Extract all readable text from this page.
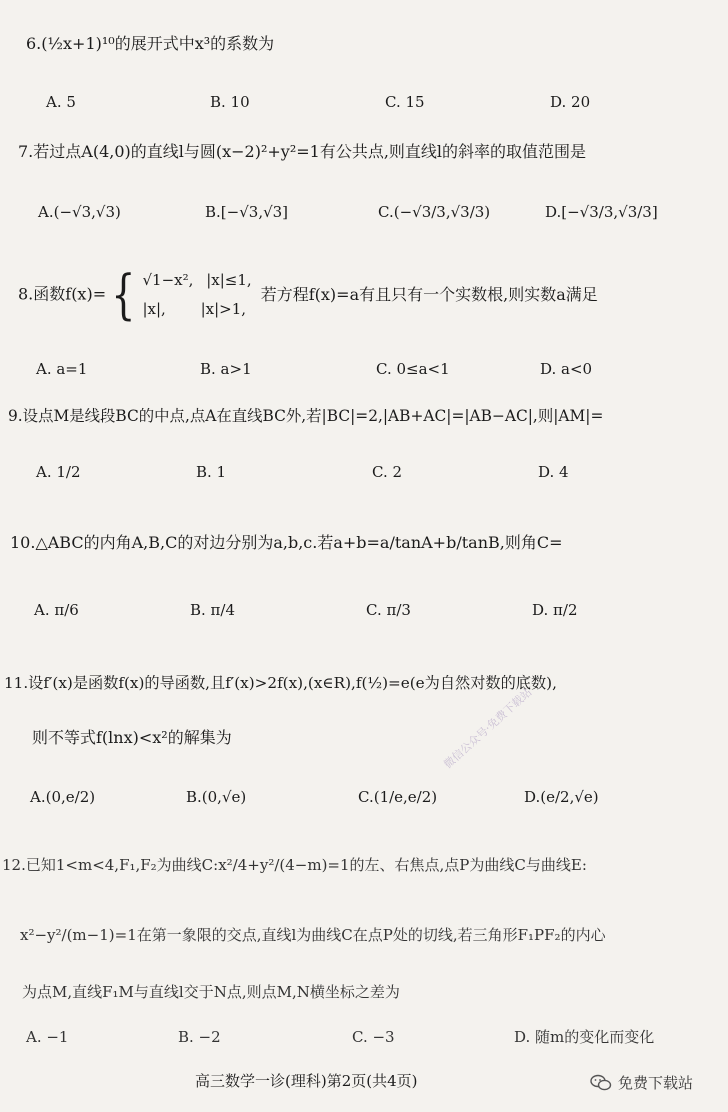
6.(½x+1)¹⁰的展开式中x³的系数为
A. 5	B. 10	C. 15	D. 20
7.若过点A(4,0)的直线l与圆(x−2)²+y²=1有公共点,则直线l的斜率的取值范围是
A.(−√3,√3)	B.[−√3,√3]	C.(−√3/3,√3/3)	D.[−√3/3,√3/3]
8.函数f(x)= { √1−x², |x|≤1,
|x|, |x|>1,
若方程f(x)=a有且只有一个实数根,则实数a满足
A. a=1	B. a>1	C. 0≤a<1	D. a<0
9.设点M是线段BC的中点,点A在直线BC外,若|BC|=2,|AB+AC|=|AB−AC|,则|AM|=
A. 1/2	B. 1	C. 2	D. 4
10.△ABC的内角A,B,C的对边分别为a,b,c.若a+b=a/tanA+b/tanB,则角C=
A. π/6	B. π/4	C. π/3	D. π/2
11.设f′(x)是函数f(x)的导函数,且f′(x)>2f(x),(x∈R),f(½)=e(e为自然对数的底数),
则不等式f(lnx)<x²的解集为
A.(0,e/2)	B.(0,√e)	C.(1/e,e/2)	D.(e/2,√e)
12.已知1<m<4,F₁,F₂为曲线C:x²/4+y²/(4−m)=1的左、右焦点,点P为曲线C与曲线E:
x²−y²/(m−1)=1在第一象限的交点,直线l为曲线C在点P处的切线,若三角形F₁PF₂的内心
为点M,直线F₁M与直线l交于N点,则点M,N横坐标之差为
A. −1	B. −2	C. −3	D. 随m的变化而变化
微信公众号·免费下载站
高三数学一诊(理科)第2页(共4页)	免费下载站
